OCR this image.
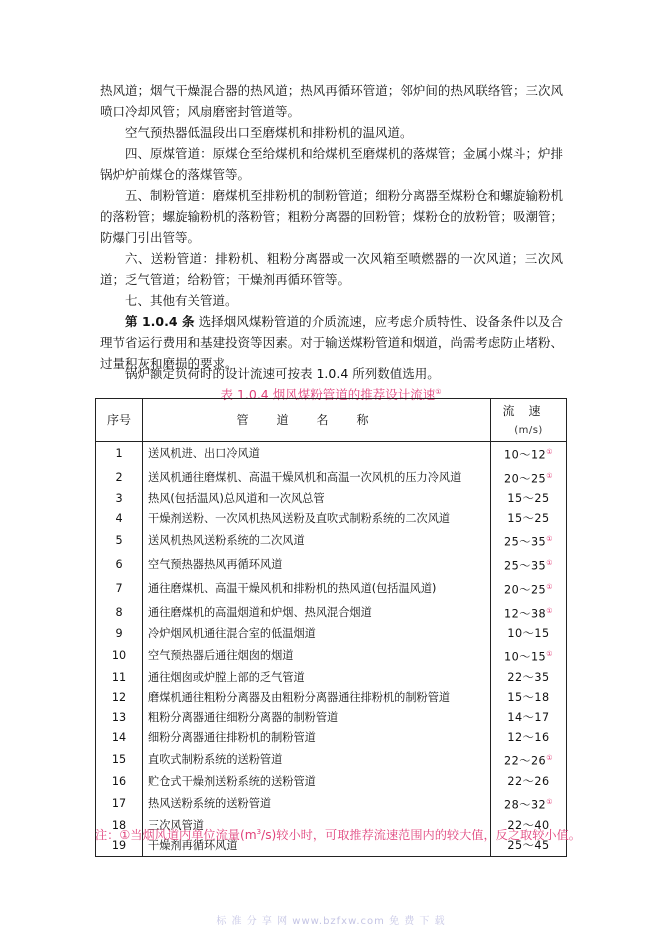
热风道；烟气干燥混合器的热风道；热风再循环管道；邻炉间的热风联络管；三次风喷口冷却风管；风扇磨密封管道等。

空气预热器低温段出口至磨煤机和排粉机的温风道。

四、原煤管道：原煤仓至给煤机和给煤机至磨煤机的落煤管；金属小煤斗；炉排锅炉炉前煤仓的落煤管等。

五、制粉管道：磨煤机至排粉机的制粉管道；细粉分离器至煤粉仓和螺旋输粉机的落粉管；螺旋输粉机的落粉管；粗粉分离器的回粉管；煤粉仓的放粉管；吸潮管；防爆门引出管等。

六、送粉管道：排粉机、粗粉分离器或一次风箱至喷燃器的一次风道；三次风道；乏气管道；给粉管；干燥剂再循环管等。

七、其他有关管道。

第 1.0.4 条 选择烟风煤粉管道的介质流速，应考虑介质特性、设备条件以及合理节省运行费用和基建投资等因素。对于输送煤粉管道和烟道，尚需考虑防止堵粉、过量积灰和磨损的要求。

锅炉额定负荷时的设计流速可按表 1.0.4 所列数值选用。

表 1.0.4 烟风煤粉管道的推荐设计流速①
序号	管道名称	流速
(m/s)

1	送风机进、出口冷风道	10～12①
2	送风机通往磨煤机、高温干燥风机和高温一次风机的压力冷风道	20～25①
3	热风(包括温风)总风道和一次风总管	15～25
4	干燥剂送粉、一次风机热风送粉及直吹式制粉系统的二次风道	15～25
5	送风机热风送粉系统的二次风道	25～35①
6	空气预热器热风再循环风道	25～35①
7	通往磨煤机、高温干燥风机和排粉机的热风道(包括温风道)	20～25①
8	通往磨煤机的高温烟道和炉烟、热风混合烟道	12～38①
9	冷炉烟风机通往混合室的低温烟道	10～15
10	空气预热器后通往烟囱的烟道	10～15①
11	通往烟囱或炉膛上部的乏气管道	22～35
12	磨煤机通往粗粉分离器及由粗粉分离器通往排粉机的制粉管道	15～18
13	粗粉分离器通往细粉分离器的制粉管道	14～17
14	细粉分离器通往排粉机的制粉管道	12～16
15	直吹式制粉系统的送粉管道	22～26①
16	贮仓式干燥剂送粉系统的送粉管道	22～26
17	热风送粉系统的送粉管道	28～32①
18	三次风管道	22～40
19	干燥剂再循环风道	25～45
注：①当烟风道内单位流量$(m^3/s)$较小时，可取推荐流速范围内的较大值，反之取较小值。
标 准 分 享 网 www.bzfxw.com 免 费 下 载
